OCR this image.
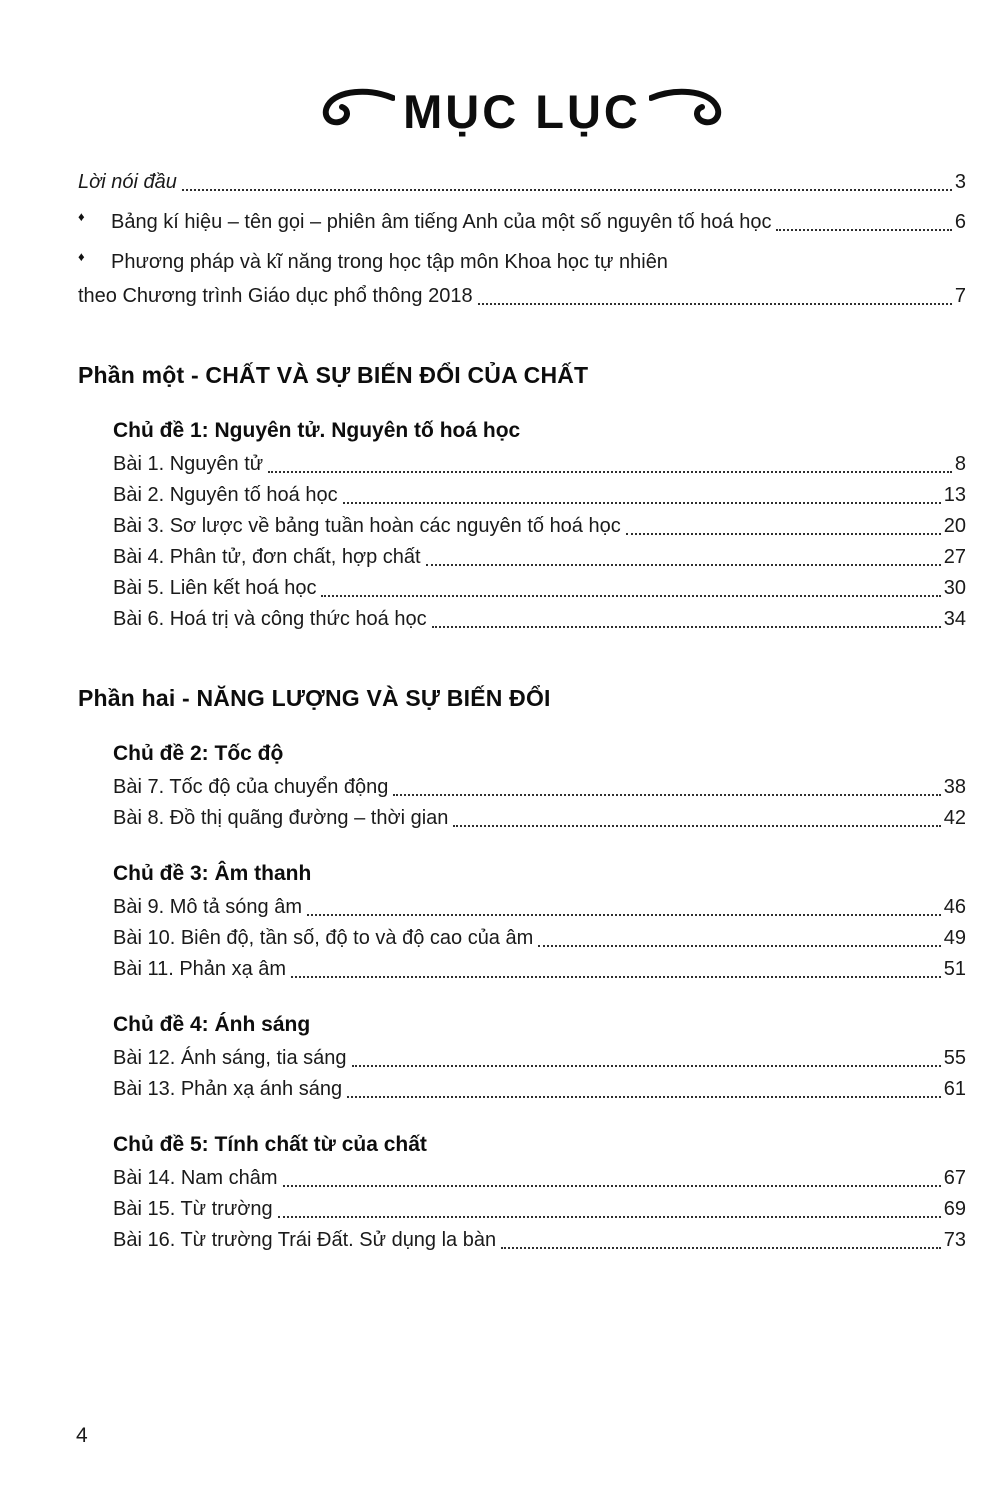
MỤC LỤC
Lời nói đầu	3
♦	Bảng kí hiệu – tên gọi – phiên âm tiếng Anh của một số nguyên tố hoá học	6
♦	Phương pháp và kĩ năng trong học tập môn Khoa học tự nhiên
theo Chương trình Giáo dục phổ thông 2018	7
Phần một - CHẤT VÀ SỰ BIẾN ĐỔI CỦA CHẤT
Chủ đề 1: Nguyên tử. Nguyên tố hoá học
Bài 1. Nguyên tử	8
Bài 2. Nguyên tố hoá học	13
Bài 3. Sơ lược về bảng tuần hoàn các nguyên tố hoá học	20
Bài 4. Phân tử, đơn chất, hợp chất	27
Bài 5. Liên kết hoá học	30
Bài 6. Hoá trị và công thức hoá học	34
Phần hai - NĂNG LƯỢNG VÀ SỰ BIẾN ĐỔI
Chủ đề 2: Tốc độ
Bài 7. Tốc độ của chuyển động	38
Bài 8. Đồ thị quãng đường – thời gian	42
Chủ đề 3: Âm thanh
Bài 9. Mô tả sóng âm	46
Bài 10. Biên độ, tần số, độ to và độ cao của âm	49
Bài 11. Phản xạ âm	51
Chủ đề 4: Ánh sáng
Bài 12. Ánh sáng, tia sáng	55
Bài 13. Phản xạ ánh sáng	61
Chủ đề 5: Tính chất từ của chất
Bài 14. Nam châm	67
Bài 15. Từ trường	69
Bài 16. Từ trường Trái Đất. Sử dụng la bàn	73
4
